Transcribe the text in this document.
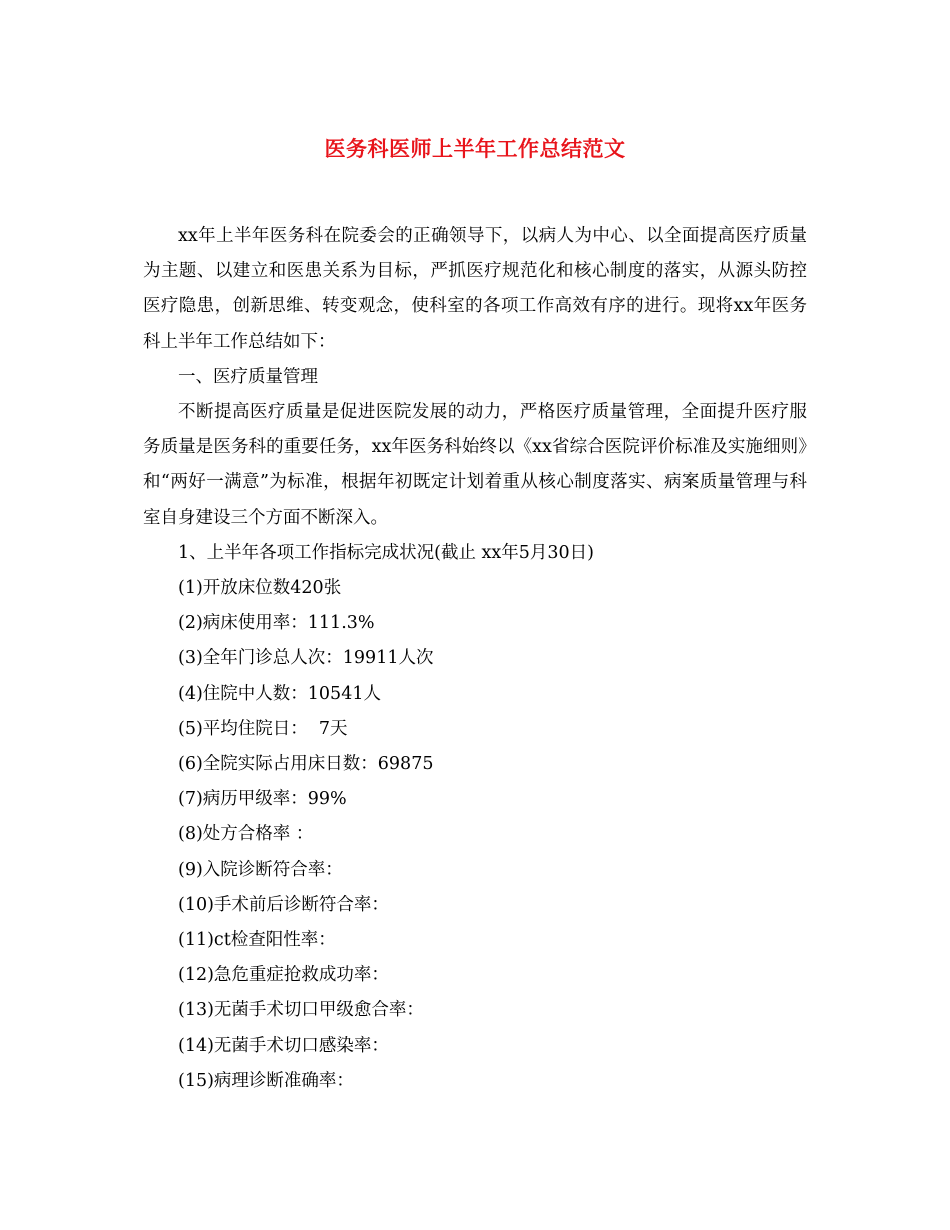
医务科医师上半年工作总结范文

xx年上半年医务科在院委会的正确领导下，以病人为中心、以全面提高医疗质量为主题、以建立和医患关系为目标，严抓医疗规范化和核心制度的落实，从源头防控医疗隐患，创新思维、转变观念，使科室的各项工作高效有序的进行。现将xx年医务科上半年工作总结如下：

一、医疗质量管理

不断提高医疗质量是促进医院发展的动力，严格医疗质量管理，全面提升医疗服务质量是医务科的重要任务，xx年医务科始终以《xx省综合医院评价标准及实施细则》和“两好一满意”为标准，根据年初既定计划着重从核心制度落实、病案质量管理与科室自身建设三个方面不断深入。

1、上半年各项工作指标完成状况(截止 xx年5月30日)

(1)开放床位数420张

(2)病床使用率：111.3%

(3)全年门诊总人次：19911人次

(4)住院中人数：10541人

(5)平均住院日：  7天

(6)全院实际占用床日数：69875

(7)病历甲级率：99%

(8)处方合格率 ：

(9)入院诊断符合率：

(10)手术前后诊断符合率：

(11)ct检查阳性率：

(12)急危重症抢救成功率：

(13)无菌手术切口甲级愈合率：

(14)无菌手术切口感染率：

(15)病理诊断准确率：
